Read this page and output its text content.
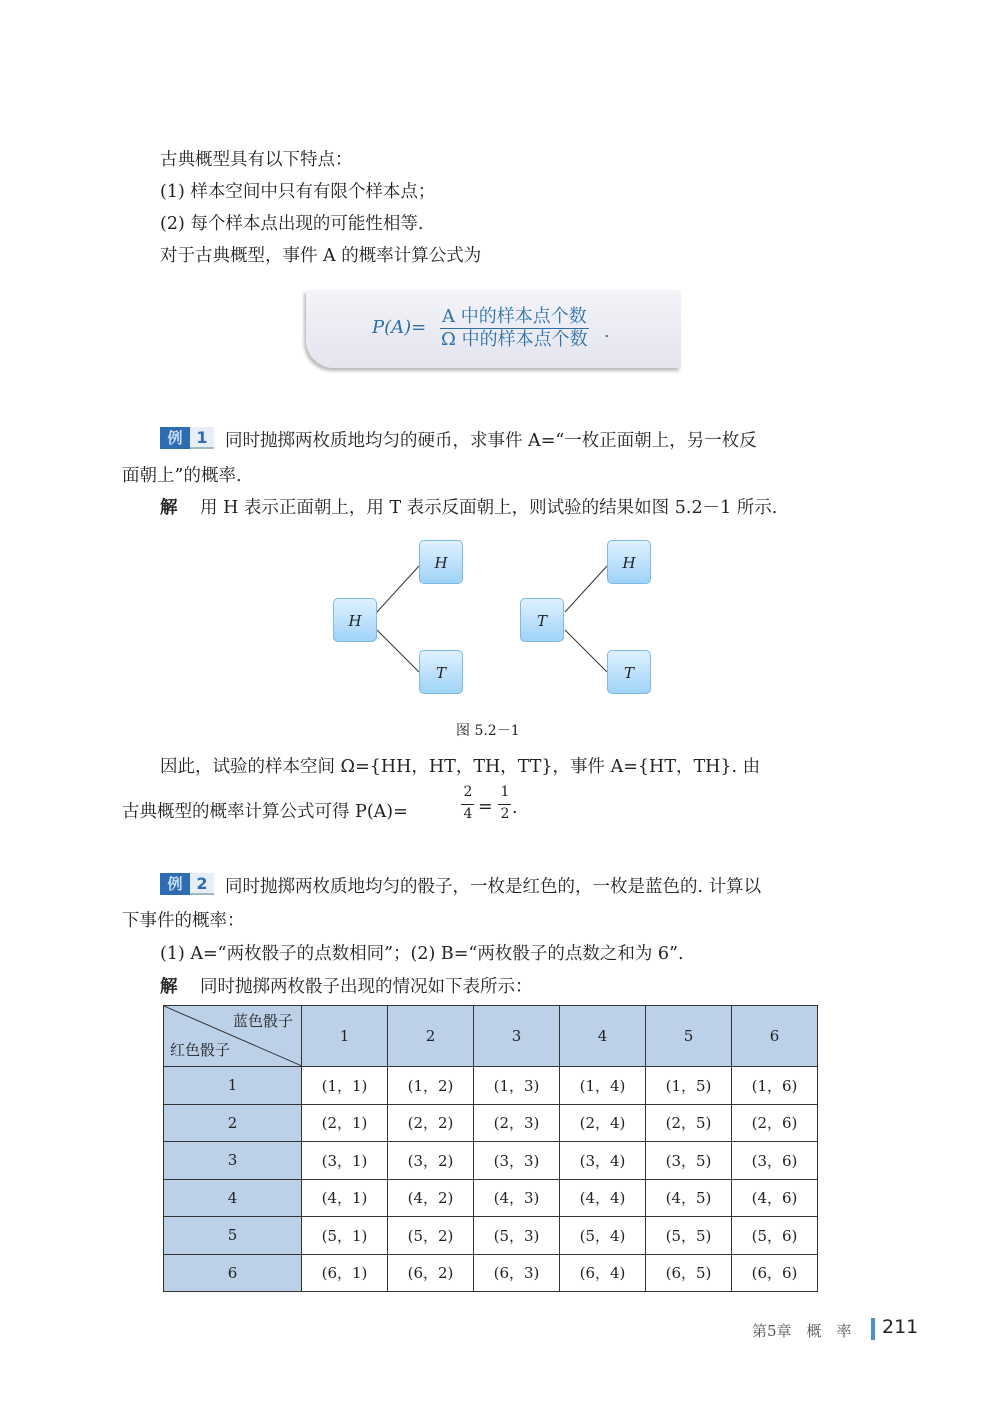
古典概型具有以下特点：
(1) 样本空间中只有有限个样本点；
(2) 每个样本点出现的可能性相等.
对于古典概型，事件 A 的概率计算公式为
P(A)=
A 中的样本点个数
Ω 中的样本点个数 .
例 1 同时抛掷两枚质地均匀的硬币，求事件 A=“一枚正面朝上，另一枚反
面朝上”的概率.
解 用 H 表示正面朝上，用 T 表示反面朝上，则试验的结果如图 5.2－1 所示.
H
H
T
T
H
T
图 5.2－1
因此，试验的样本空间 Ω={HH，HT，TH，TT}，事件 A={HT，TH}. 由
古典概型的概率计算公式可得 P(A)=
2
4 =
1
2 .
例 2 同时抛掷两枚质地均匀的骰子，一枚是红色的，一枚是蓝色的. 计算以
下事件的概率：
(1) A=“两枚骰子的点数相同”；(2) B=“两枚骰子的点数之和为 6”.
解 同时抛掷两枚骰子出现的情况如下表所示：
蓝色骰子
红色骰子	1	2	3	4	5	6
1	(1，1)	(1，2)	(1，3)	(1，4)	(1，5)	(1，6)
2	(2，1)	(2，2)	(2，3)	(2，4)	(2，5)	(2，6)
3	(3，1)	(3，2)	(3，3)	(3，4)	(3，5)	(3，6)
4	(4，1)	(4，2)	(4，3)	(4，4)	(4，5)	(4，6)
5	(5，1)	(5，2)	(5，3)	(5，4)	(5，5)	(5，6)
6	(6，1)	(6，2)	(6，3)	(6，4)	(6，5)	(6，6)
第5章　概　率 211
